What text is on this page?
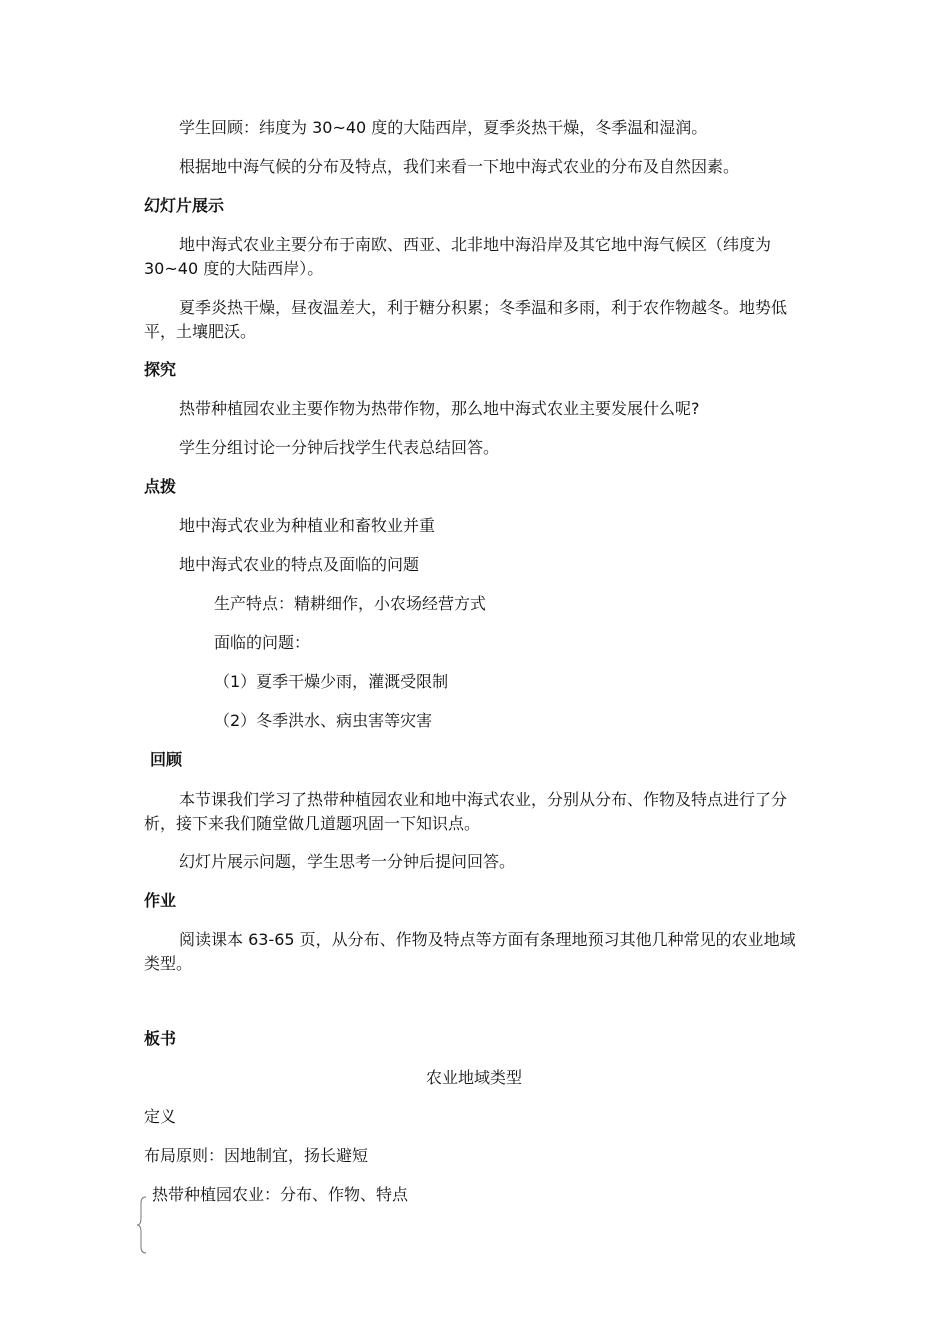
学生回顾：纬度为 30~40 度的大陆西岸，夏季炎热干燥，冬季温和湿润。

根据地中海气候的分布及特点，我们来看一下地中海式农业的分布及自然因素。

幻灯片展示

地中海式农业主要分布于南欧、西亚、北非地中海沿岸及其它地中海气候区（纬度为 30~40 度的大陆西岸）。

夏季炎热干燥，昼夜温差大，利于糖分积累；冬季温和多雨，利于农作物越冬。地势低平，土壤肥沃。

探究

热带种植园农业主要作物为热带作物，那么地中海式农业主要发展什么呢?

学生分组讨论一分钟后找学生代表总结回答。

点拨

地中海式农业为种植业和畜牧业并重

地中海式农业的特点及面临的问题

生产特点：精耕细作，小农场经营方式

面临的问题：

（1）夏季干燥少雨，灌溉受限制

（2）冬季洪水、病虫害等灾害

回顾

本节课我们学习了热带种植园农业和地中海式农业，分别从分布、作物及特点进行了分析，接下来我们随堂做几道题巩固一下知识点。

幻灯片展示问题，学生思考一分钟后提问回答。

作业

阅读课本 63-65 页，从分布、作物及特点等方面有条理地预习其他几种常见的农业地域类型。

板书

农业地域类型

定义

布局原则：因地制宜，扬长避短

热带种植园农业：分布、作物、特点
